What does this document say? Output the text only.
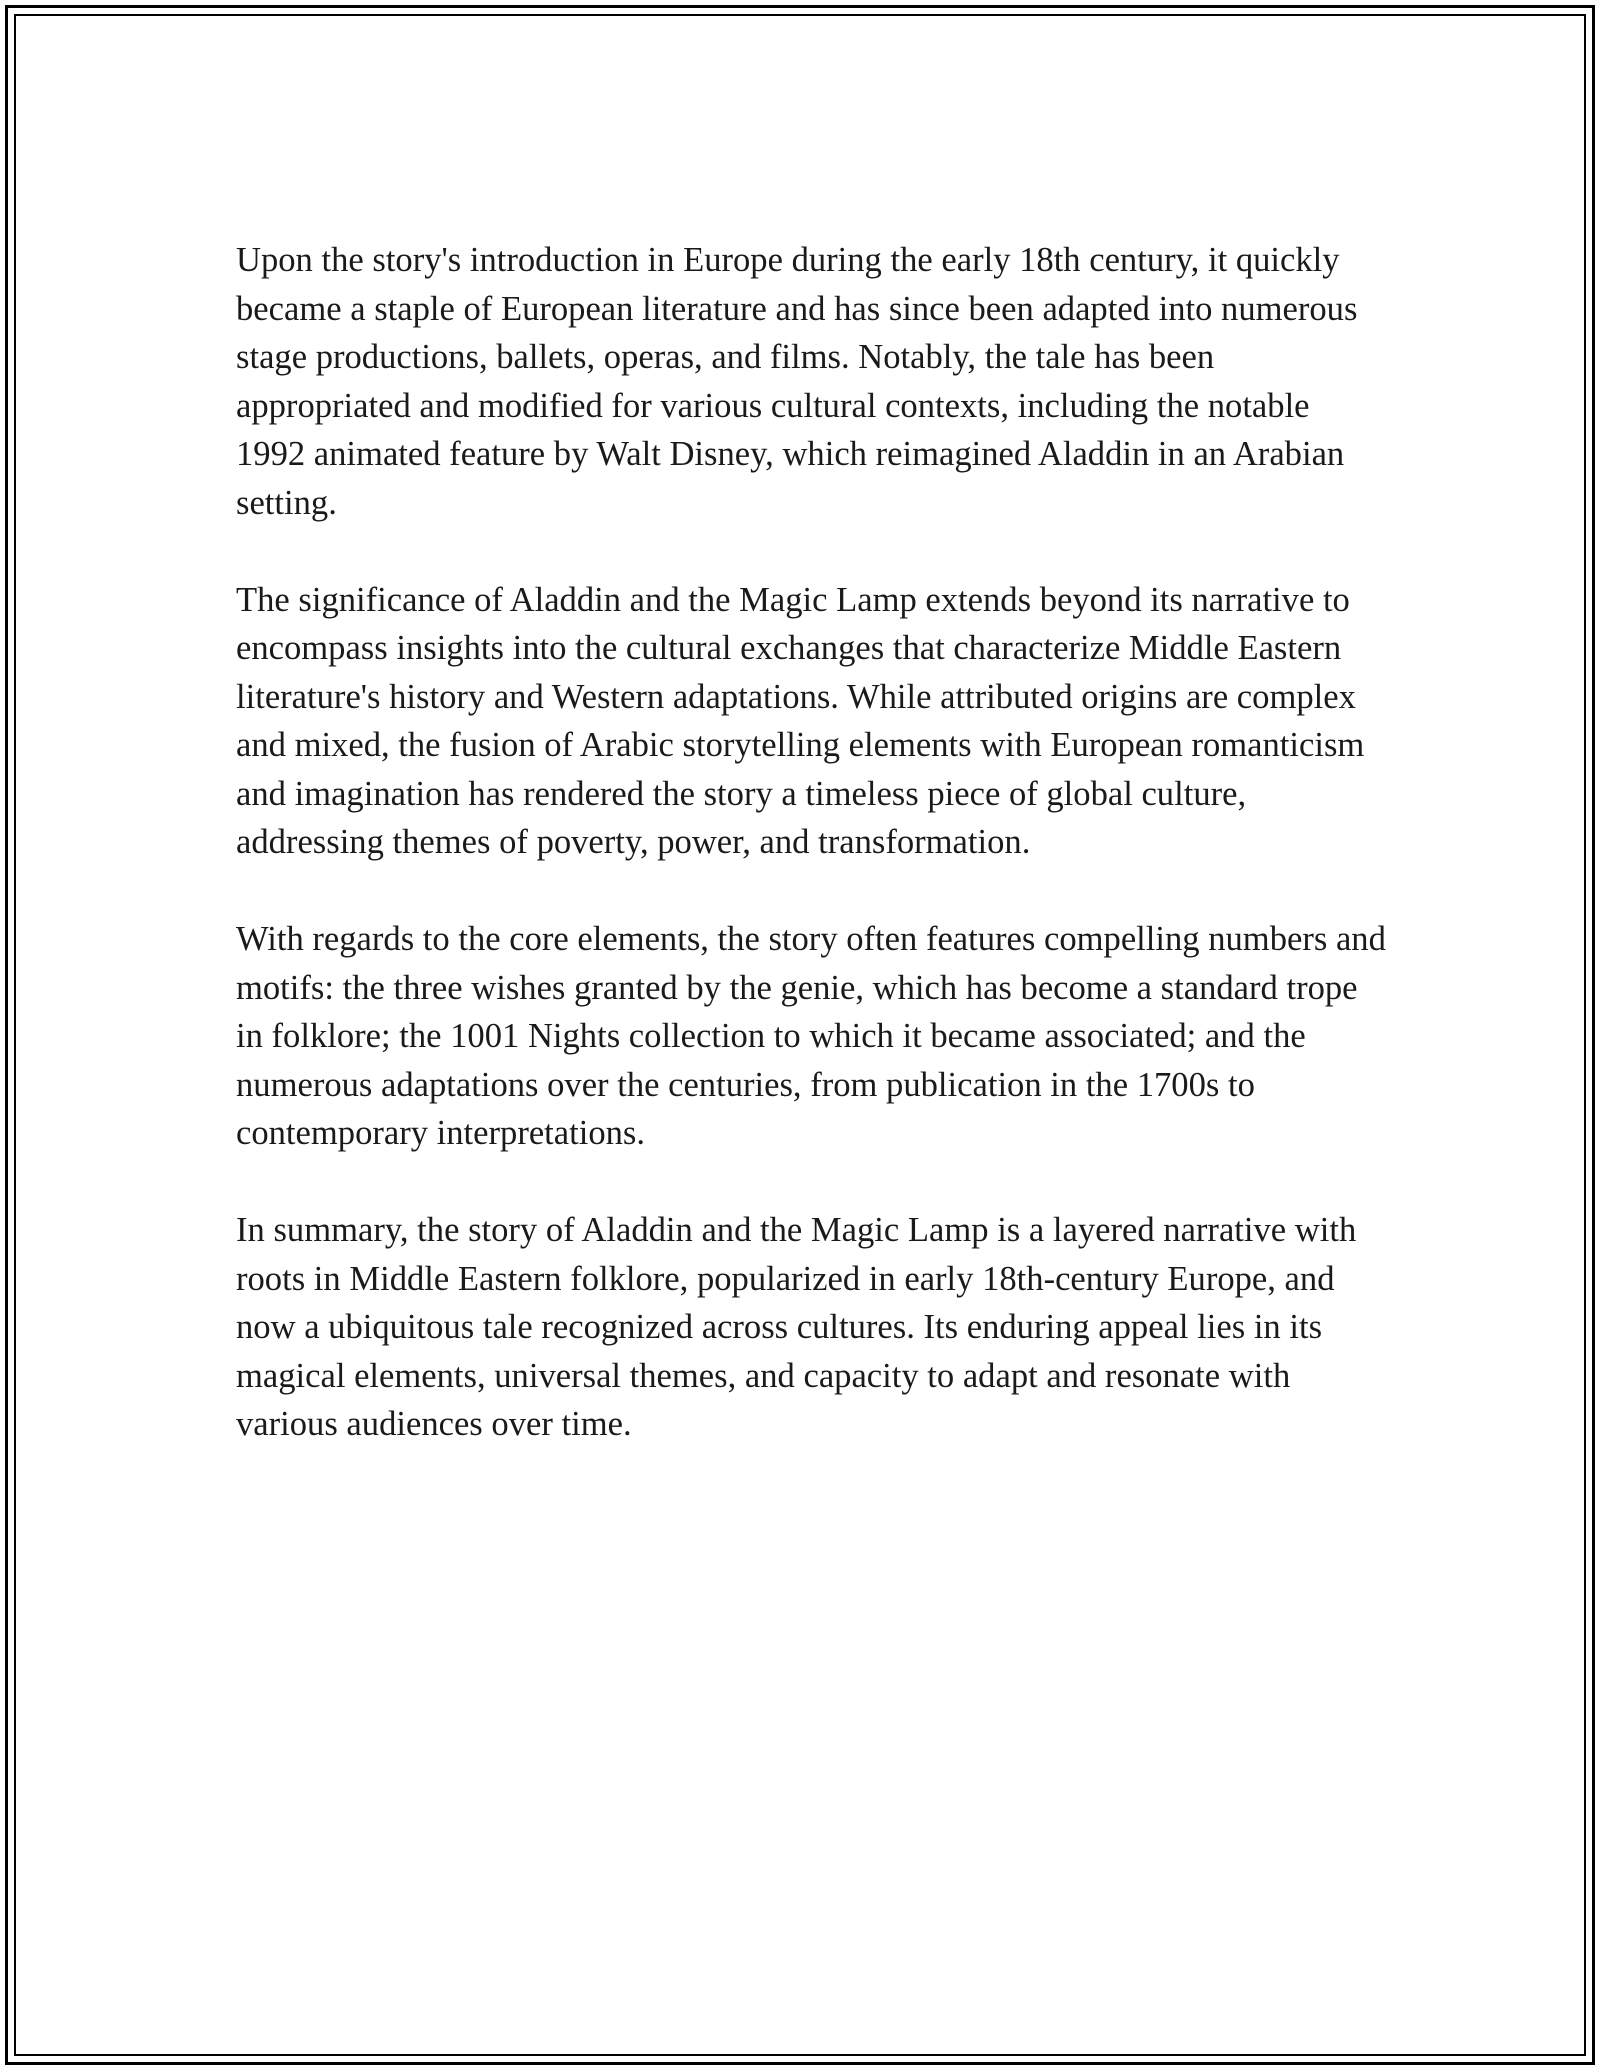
Upon the story's introduction in Europe during the early 18th century, it quickly became a staple of European literature and has since been adapted into numerous stage productions, ballets, operas, and films. Notably, the tale has been appropriated and modified for various cultural contexts, including the notable 1992 animated feature by Walt Disney, which reimagined Aladdin in an Arabian setting.

The significance of Aladdin and the Magic Lamp extends beyond its narrative to encompass insights into the cultural exchanges that characterize Middle Eastern literature's history and Western adaptations. While attributed origins are complex and mixed, the fusion of Arabic storytelling elements with European romanticism and imagination has rendered the story a timeless piece of global culture, addressing themes of poverty, power, and transformation.

With regards to the core elements, the story often features compelling numbers and motifs: the three wishes granted by the genie, which has become a standard trope in folklore; the 1001 Nights collection to which it became associated; and the numerous adaptations over the centuries, from publication in the 1700s to contemporary interpretations.

In summary, the story of Aladdin and the Magic Lamp is a layered narrative with roots in Middle Eastern folklore, popularized in early 18th-century Europe, and now a ubiquitous tale recognized across cultures. Its enduring appeal lies in its magical elements, universal themes, and capacity to adapt and resonate with various audiences over time.
